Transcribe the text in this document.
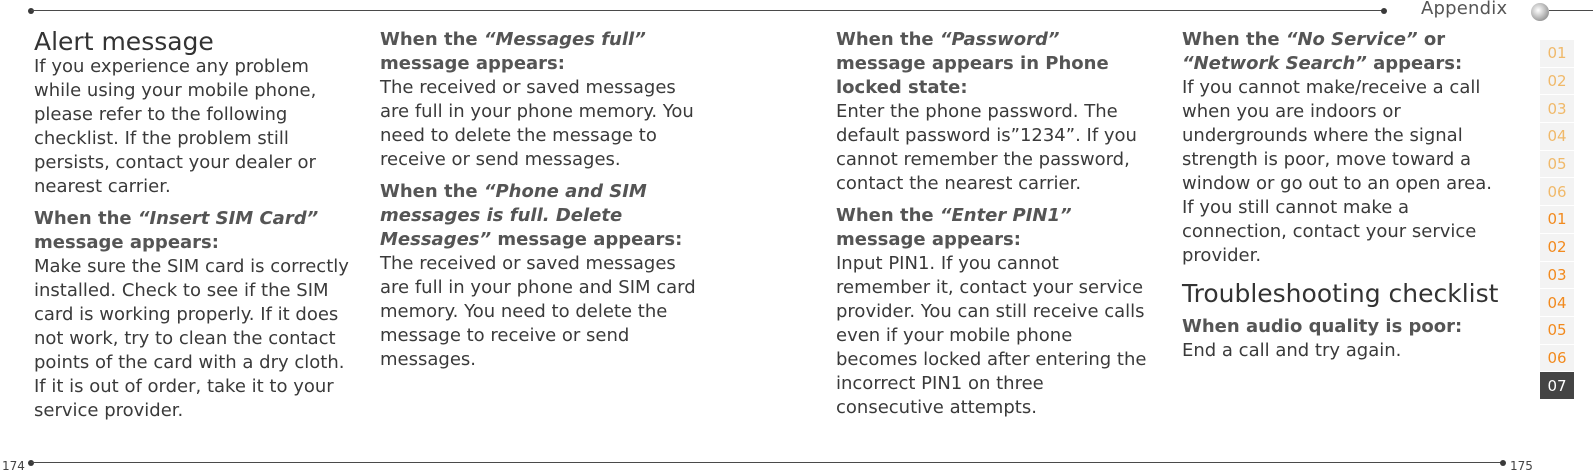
Appendix
Alert message

If you experience any problem while using your mobile phone, please refer to the following checklist. If the problem still persists, contact your dealer or nearest carrier.

When the “Insert SIM Card” message appears:

Make sure the SIM card is correctly installed. Check to see if the SIM card is working properly. If it does not work, try to clean the contact points of the card with a dry cloth. If it is out of order, take it to your service provider.

When the “Messages full” message appears:

The received or saved messages are full in your phone memory. You need to delete the message to receive or send messages.

When the “Phone and SIM messages is full. Delete Messages” message appears:

The received or saved messages are full in your phone and SIM card memory. You need to delete the message to receive or send messages.

When the “Password” message appears in Phone locked state:

Enter the phone password. The default password is”1234”. If you cannot remember the password, contact the nearest carrier.

When the “Enter PIN1” message appears:

Input PIN1. If you cannot remember it, contact your service provider. You can still receive calls even if your mobile phone becomes locked after entering the incorrect PIN1 on three consecutive attempts.

When the “No Service” or “Network Search” appears:

If you cannot make/receive a call when you are indoors or undergrounds where the signal strength is poor, move toward a window or go out to an open area. If you still cannot make a connection, contact your service provider.

Troubleshooting checklist
When audio quality is poor:

End a call and try again.

01
02
03
04
05
06
01
02
03
04
05
06
07
174	175
